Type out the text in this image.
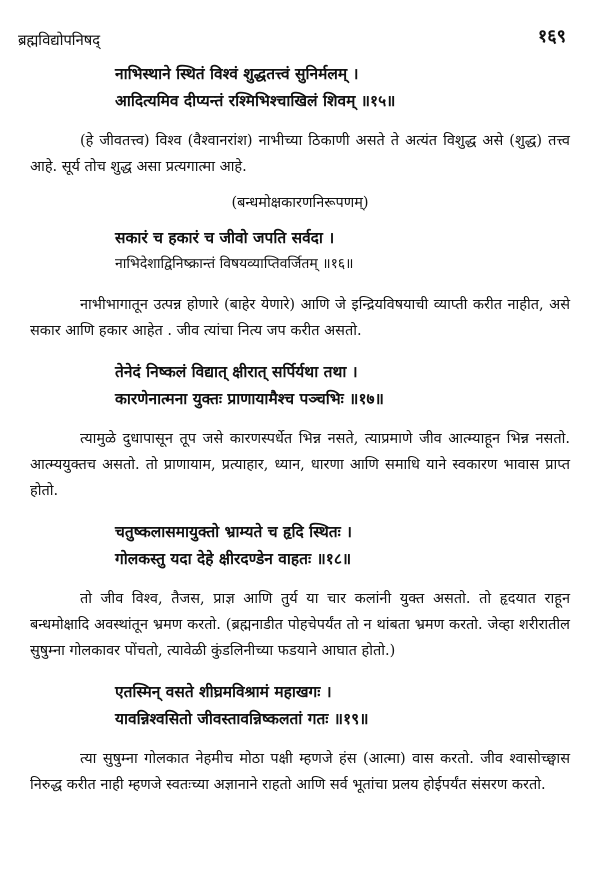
ब्रह्मविद्योपनिषद्	१६९
नाभिस्थाने स्थितं विश्वं शुद्धतत्त्वं सुनिर्मलम् ।
आदित्यमिव दीप्यन्तं रश्मिभिश्चाखिलं शिवम् ॥१५॥

(हे जीवतत्त्व) विश्व (वैश्वानरांश) नाभीच्या ठिकाणी असते ते अत्यंत विशुद्ध असे (शुद्ध) तत्त्व आहे. सूर्य तोच शुद्ध असा प्रत्यगात्मा आहे.

(बन्धमोक्षकारणनिरूपणम्)

सकारं च हकारं च जीवो जपति सर्वदा ।
नाभिदेशाद्विनिष्क्रान्तं विषयव्याप्तिवर्जितम् ॥१६॥

नाभीभागातून उत्पन्न होणारे (बाहेर येणारे) आणि जे इन्द्रियविषयाची व्याप्ती करीत नाहीत, असे सकार आणि हकार आहेत . जीव त्यांचा नित्य जप करीत असतो.

तेनेदं निष्कलं विद्यात् क्षीरात् सर्पिर्यथा तथा ।
कारणेनात्मना युक्तः प्राणायामैश्च पञ्चभिः ॥१७॥

त्यामुळे दुधापासून तूप जसे कारणस्पर्धेत भिन्न नसते, त्याप्रमाणे जीव आत्म्याहून भिन्न नसतो. आत्म्ययुक्तच असतो. तो प्राणायाम, प्रत्याहार, ध्यान, धारणा आणि समाधि याने स्वकारण भावास प्राप्त होतो.

चतुष्कलासमायुक्तो भ्राम्यते च हृदि स्थितः ।
गोलकस्तु यदा देहे क्षीरदण्डेन वाहतः ॥१८॥

तो जीव विश्व, तैजस, प्राज्ञ आणि तुर्य या चार कलांनी युक्त असतो. तो हृदयात राहून बन्धमोक्षादि अवस्थांतून भ्रमण करतो. (ब्रह्मनाडीत पोहचेपर्यंत तो न थांबता भ्रमण करतो. जेव्हा शरीरातील सुषुम्ना गोलकावर पोंचतो, त्यावेळी कुंडलिनीच्या फडयाने आघात होतो.)

एतस्मिन् वसते शीघ्रमविश्रामं महाखगः ।
यावन्निश्वसितो जीवस्तावन्निष्कलतां गतः ॥१९॥

त्या सुषुम्ना गोलकात नेहमीच मोठा पक्षी म्हणजे हंस (आत्मा) वास करतो. जीव श्वासोच्छ्वास निरुद्ध करीत नाही म्हणजे स्वतःच्या अज्ञानाने राहतो आणि सर्व भूतांचा प्रलय होईपर्यंत संसरण करतो.
